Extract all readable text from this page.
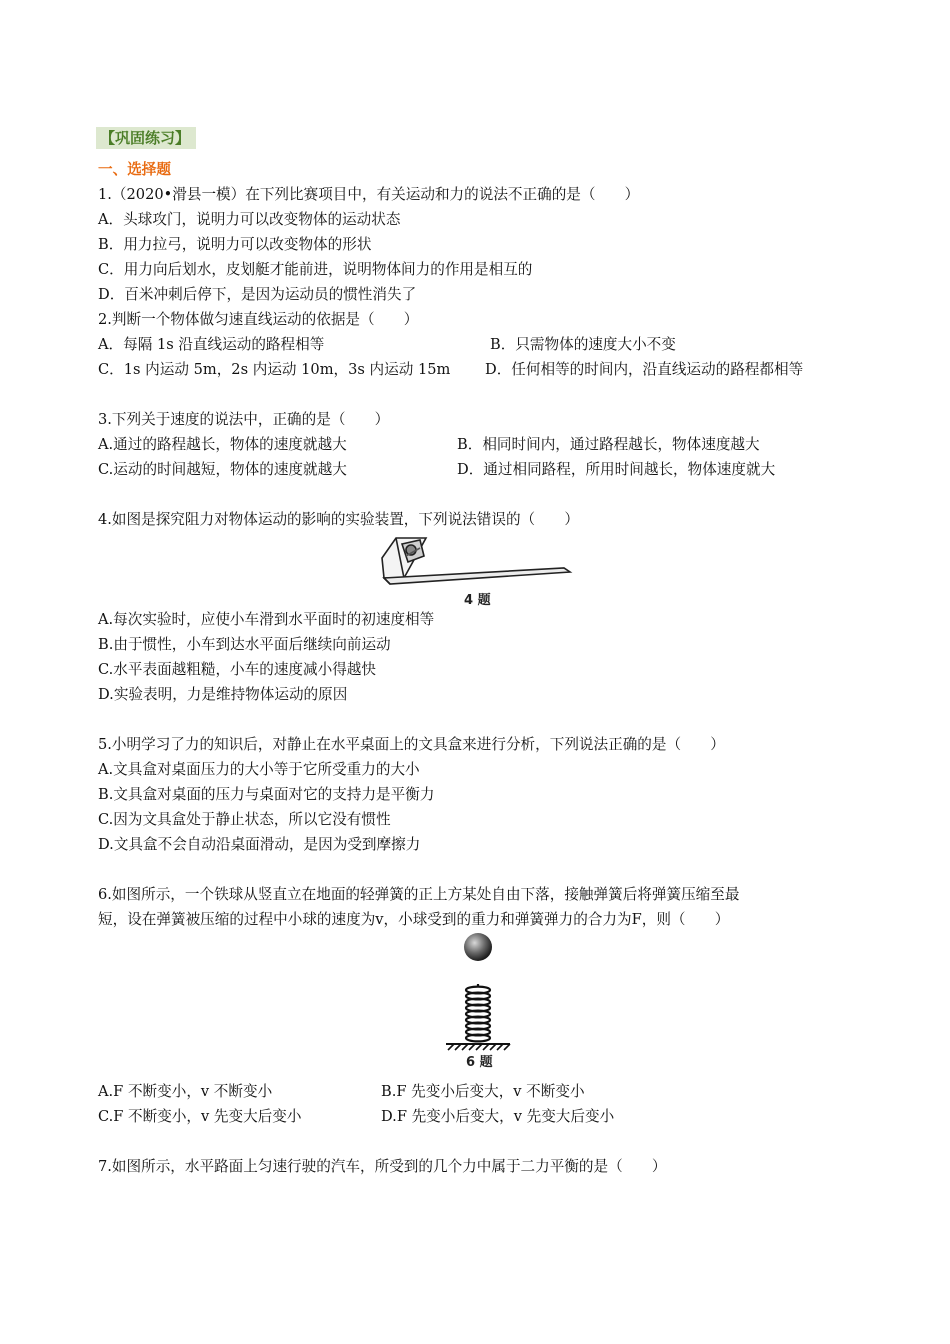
【巩固练习】
一、选择题
1.（2020•滑县一模）在下列比赛项目中，有关运动和力的说法不正确的是（　　）
A．头球攻门，说明力可以改变物体的运动状态
B．用力拉弓，说明力可以改变物体的形状
C．用力向后划水，皮划艇才能前进，说明物体间力的作用是相互的
D．百米冲刺后停下，是因为运动员的惯性消失了
2.判断一个物体做匀速直线运动的依据是（　　）
A．每隔 1s 沿直线运动的路程相等	B．只需物体的速度大小不变
C．1s 内运动 5m，2s 内运动 10m，3s 内运动 15m D．任何相等的时间内，沿直线运动的路程都相等
3.下列关于速度的说法中，正确的是（　　）
A.通过的路程越长，物体的速度就越大	B．相同时间内，通过路程越长，物体速度越大
C.运动的时间越短，物体的速度就越大	D．通过相同路程，所用时间越长，物体速度就大
4.如图是探究阻力对物体运动的影响的实验装置，下列说法错误的（　　）
4 题
A.每次实验时，应使小车滑到水平面时的初速度相等
B.由于惯性，小车到达水平面后继续向前运动
C.水平表面越粗糙，小车的速度减小得越快
D.实验表明，力是维持物体运动的原因
5.小明学习了力的知识后，对静止在水平桌面上的文具盒来进行分析，下列说法正确的是（　　）
A.文具盒对桌面压力的大小等于它所受重力的大小
B.文具盒对桌面的压力与桌面对它的支持力是平衡力
C.因为文具盒处于静止状态，所以它没有惯性
D.文具盒不会自动沿桌面滑动，是因为受到摩擦力
6.如图所示，一个铁球从竖直立在地面的轻弹簧的正上方某处自由下落，接触弹簧后将弹簧压缩至最
短，设在弹簧被压缩的过程中小球的速度为v，小球受到的重力和弹簧弹力的合力为F，则（　　）
6 题
A.F 不断变小，v 不断变小	B.F 先变小后变大，v 不断变小
C.F 不断变小，v 先变大后变小	D.F 先变小后变大，v 先变大后变小
7.如图所示，水平路面上匀速行驶的汽车，所受到的几个力中属于二力平衡的是（　　）
